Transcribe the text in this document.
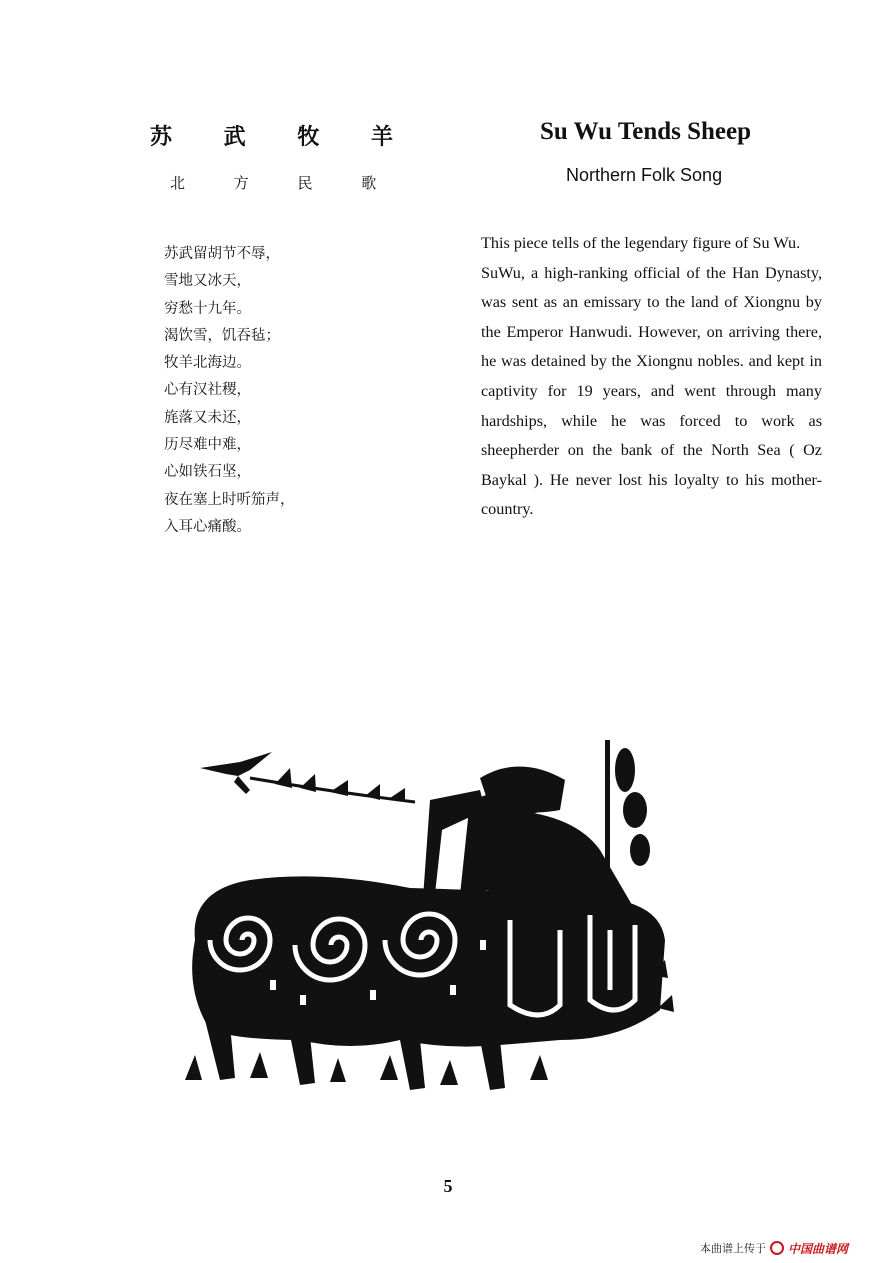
苏 武 牧 羊
北 方 民 歌
Su Wu Tends Sheep
Northern Folk Song
苏武留胡节不辱，
雪地又冰天，
穷愁十九年。
渴饮雪，饥吞毡；
牧羊北海边。
心有汉社稷，
旄落又未还，
历尽难中难，
心如铁石坚，
夜在塞上时听笳声，
入耳心痛酸。
This piece tells of the legendary figure of Su Wu.
SuWu, a high-ranking official of the Han Dynasty, was sent as an emissary to the land of Xiongnu by the Emperor Hanwudi. However, on arriving there, he was detained by the Xiongnu nobles. and kept in captivity for 19 years, and went through many hardships, while he was forced to work as sheepherder on the bank of the North Sea ( Oz Baykal ). He never lost his loyalty to his mother-country.
5
本曲谱上传于 中国曲谱网
